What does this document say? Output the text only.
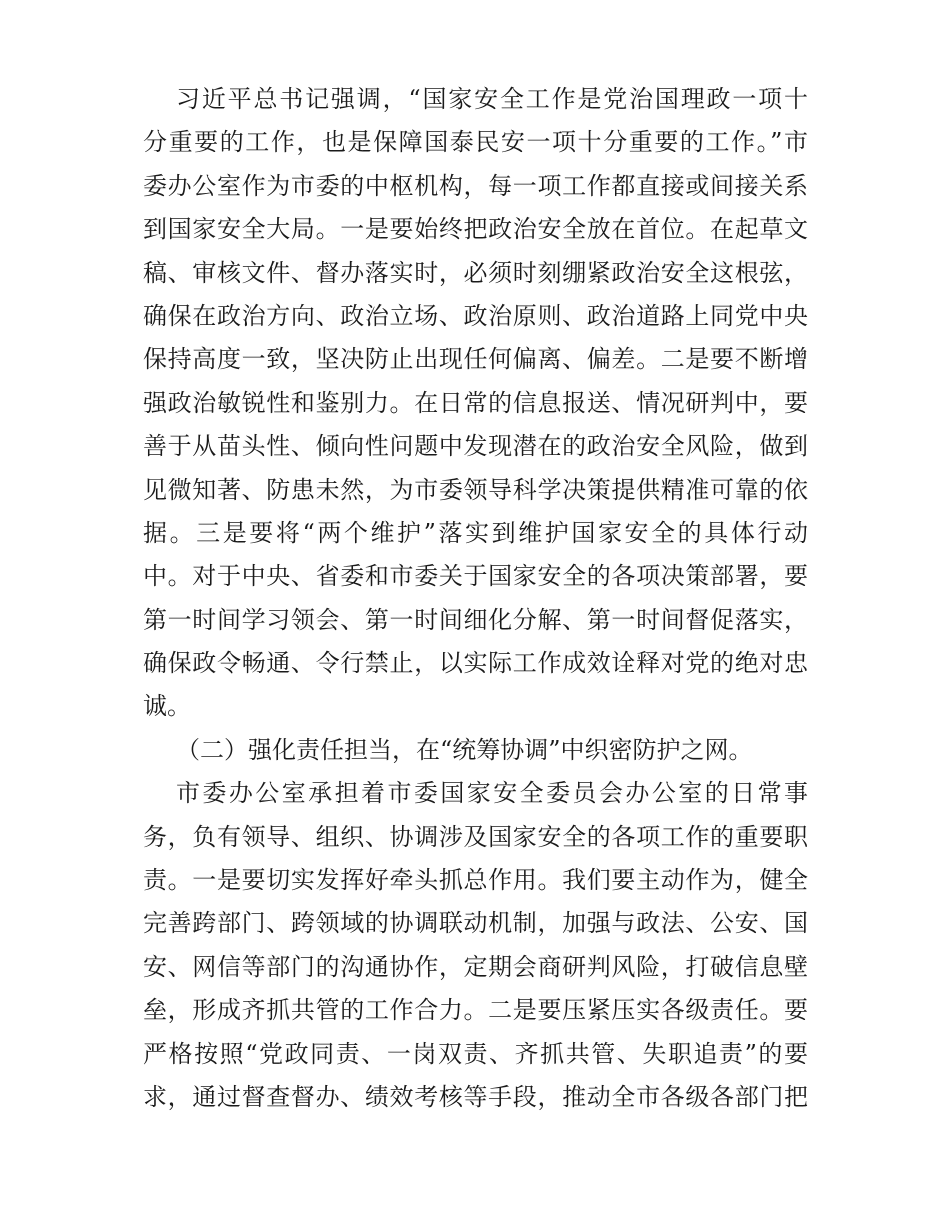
习近平总书记强调，“国家安全工作是党治国理政一项十
分重要的工作，也是保障国泰民安一项十分重要的工作。”市
委办公室作为市委的中枢机构，每一项工作都直接或间接关系
到国家安全大局。一是要始终把政治安全放在首位。在起草文
稿、审核文件、督办落实时，必须时刻绷紧政治安全这根弦，
确保在政治方向、政治立场、政治原则、政治道路上同党中央
保持高度一致，坚决防止出现任何偏离、偏差。二是要不断增
强政治敏锐性和鉴别力。在日常的信息报送、情况研判中，要
善于从苗头性、倾向性问题中发现潜在的政治安全风险，做到
见微知著、防患未然，为市委领导科学决策提供精准可靠的依
据。三是要将“两个维护”落实到维护国家安全的具体行动
中。对于中央、省委和市委关于国家安全的各项决策部署，要
第一时间学习领会、第一时间细化分解、第一时间督促落实，
确保政令畅通、令行禁止，以实际工作成效诠释对党的绝对忠
诚。
（二）强化责任担当，在“统筹协调”中织密防护之网。
市委办公室承担着市委国家安全委员会办公室的日常事
务，负有领导、组织、协调涉及国家安全的各项工作的重要职
责。一是要切实发挥好牵头抓总作用。我们要主动作为，健全
完善跨部门、跨领域的协调联动机制，加强与政法、公安、国
安、网信等部门的沟通协作，定期会商研判风险，打破信息壁
垒，形成齐抓共管的工作合力。二是要压紧压实各级责任。要
严格按照“党政同责、一岗双责、齐抓共管、失职追责”的要
求，通过督查督办、绩效考核等手段，推动全市各级各部门把
